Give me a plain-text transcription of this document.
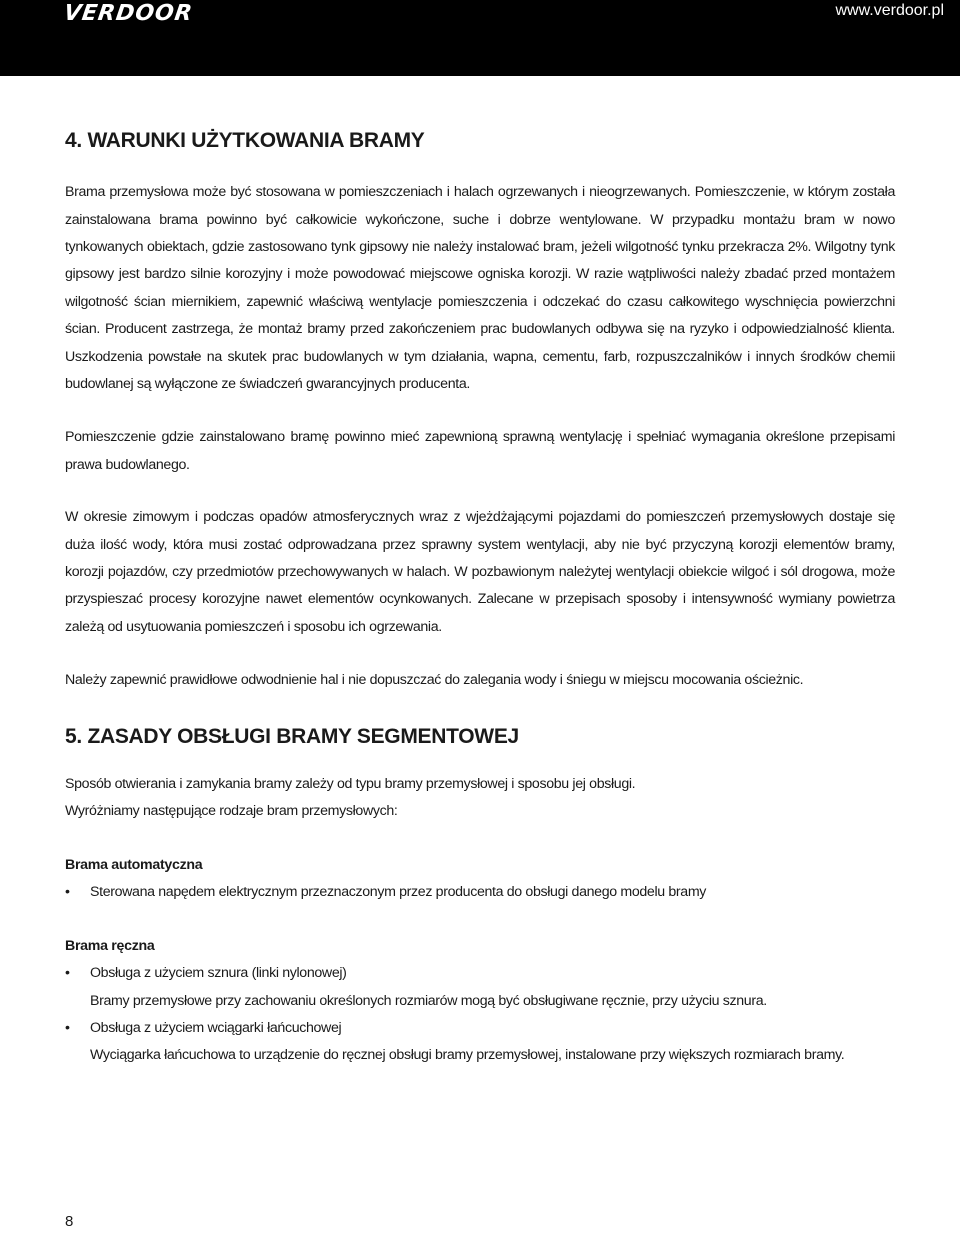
VERDOOR	www.verdoor.pl
4. WARUNKI UŻYTKOWANIA BRAMY

Brama przemysłowa może być stosowana w pomieszczeniach i halach ogrzewanych i nieogrzewanych. Pomieszczenie, w którym została zainstalowana brama powinno być całkowicie wykończone, suche i dobrze wentylowane. W przypadku montażu bram w nowo tynkowanych obiektach, gdzie zastosowano tynk gipsowy nie należy instalować bram, jeżeli wilgotność tynku przekracza 2%. Wilgotny tynk gipsowy jest bardzo silnie korozyjny i może powodować miejscowe ogniska korozji. W razie wątpliwości należy zbadać przed montażem wilgotność ścian miernikiem, zapewnić właściwą wentylacje pomieszczenia i odczekać do czasu całkowitego wyschnięcia powierzchni ścian. Producent zastrzega, że montaż bramy przed zakończeniem prac budowlanych odbywa się na ryzyko i odpowiedzialność klienta. Uszkodzenia powstałe na skutek prac budowlanych w tym działania, wapna, cementu, farb, rozpuszczalników i innych środków chemii budowlanej są wyłączone ze świadczeń gwarancyjnych producenta.

Pomieszczenie gdzie zainstalowano bramę powinno mieć zapewnioną sprawną wentylację i spełniać wymagania określone przepisami prawa budowlanego.

W okresie zimowym i podczas opadów atmosferycznych wraz z wjeżdżającymi pojazdami do pomieszczeń przemysłowych dostaje się duża ilość wody, która musi zostać odprowadzana przez sprawny system wentylacji, aby nie być przyczyną korozji elementów bramy, korozji pojazdów, czy przedmiotów przechowywanych w halach. W pozbawionym należytej wentylacji obiekcie wilgoć i sól drogowa, może przyspieszać procesy korozyjne nawet elementów ocynkowanych. Zalecane w przepisach sposoby i intensywność wymiany powietrza zależą od usytuowania pomieszczeń i sposobu ich ogrzewania.

Należy zapewnić prawidłowe odwodnienie hal i nie dopuszczać do zalegania wody i śniegu w miejscu mocowania ościeżnic.

5. ZASADY OBSŁUGI BRAMY SEGMENTOWEJ

Sposób otwierania i zamykania bramy zależy od typu bramy przemysłowej i sposobu jej obsługi.

Wyróżniamy następujące rodzaje bram przemysłowych:

Brama automatyczna

• Sterowana napędem elektrycznym przeznaczonym przez producenta do obsługi danego modelu bramy

Brama ręczna

• Obsługa z użyciem sznura (linki nylonowej)
Bramy przemysłowe przy zachowaniu określonych rozmiarów mogą być obsługiwane ręcznie, przy użyciu sznura.
• Obsługa z użyciem wciągarki łańcuchowej
Wyciągarka łańcuchowa to urządzenie do ręcznej obsługi bramy przemysłowej, instalowane przy większych rozmiarach bramy.
8
